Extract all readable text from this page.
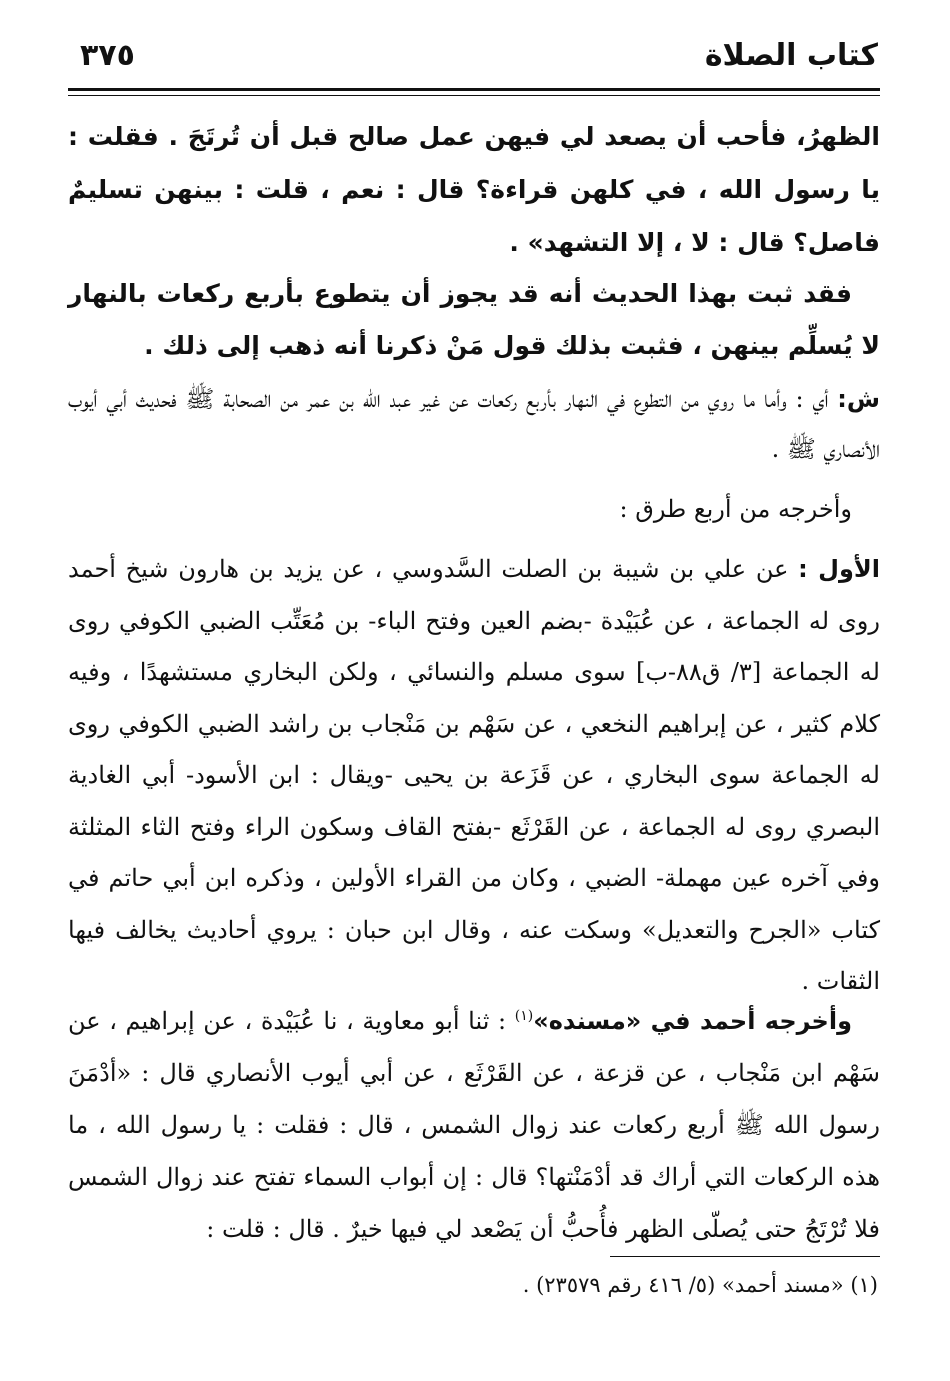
كتاب الصلاة
٣٧٥
الظهرُ، فأحب أن يصعد لي فيهن عمل صالح قبل أن تُرتَجَ . فقلت : يا رسول الله ، في كلهن قراءة؟ قال : نعم ، قلت : بينهن تسليمٌ فاصل؟ قال : لا ، إلا التشهد» .
فقد ثبت بهذا الحديث أنه قد يجوز أن يتطوع بأربع ركعات بالنهار لا يُسلِّم بينهن ، فثبت بذلك قول مَنْ ذكرنا أنه ذهب إلى ذلك .
ش: أي : وأما ما روي من التطوع في النهار بأربع ركعات عن غير عبد الله بن عمر من الصحابة ﷺ فحديث أبي أيوب الأنصاري ﷺ .
وأخرجه من أربع طرق :
الأول : عن علي بن شيبة بن الصلت السَّدوسي ، عن يزيد بن هارون شيخ أحمد روى له الجماعة ، عن عُبَيْدة -بضم العين وفتح الباء- بن مُعَتِّب الضبي الكوفي روى له الجماعة [٣/ ق٨٨-ب] سوى مسلم والنسائي ، ولكن البخاري مستشهدًا ، وفيه كلام كثير ، عن إبراهيم النخعي ، عن سَهْم بن مَنْجاب بن راشد الضبي الكوفي روى له الجماعة سوى البخاري ، عن قَزَعة بن يحيى -ويقال : ابن الأسود- أبي الغادية البصري روى له الجماعة ، عن القَرْثَع -بفتح القاف وسكون الراء وفتح الثاء المثلثة وفي آخره عين مهملة- الضبي ، وكان من القراء الأولين ، وذكره ابن أبي حاتم في كتاب «الجرح والتعديل» وسكت عنه ، وقال ابن حبان : يروي أحاديث يخالف فيها الثقات .
وأخرجه أحمد في «مسنده»$^{(١)}$ : ثنا أبو معاوية ، نا عُبَيْدة ، عن إبراهيم ، عن سَهْم ابن مَنْجاب ، عن قزعة ، عن القَرْثَع ، عن أبي أيوب الأنصاري قال : «أدْمَنَ رسول الله ﷺ أربع ركعات عند زوال الشمس ، قال : فقلت : يا رسول الله ، ما هذه الركعات التي أراك قد أدْمَنْتها؟ قال : إن أبواب السماء تفتح عند زوال الشمس فلا تُرْتَجُ حتى يُصلّى الظهر فأُحبُّ أن يَصْعد لي فيها خيرٌ . قال : قلت :
(١) «مسند أحمد» (٥/ ٤١٦ رقم ٢٣٥٧٩) .
